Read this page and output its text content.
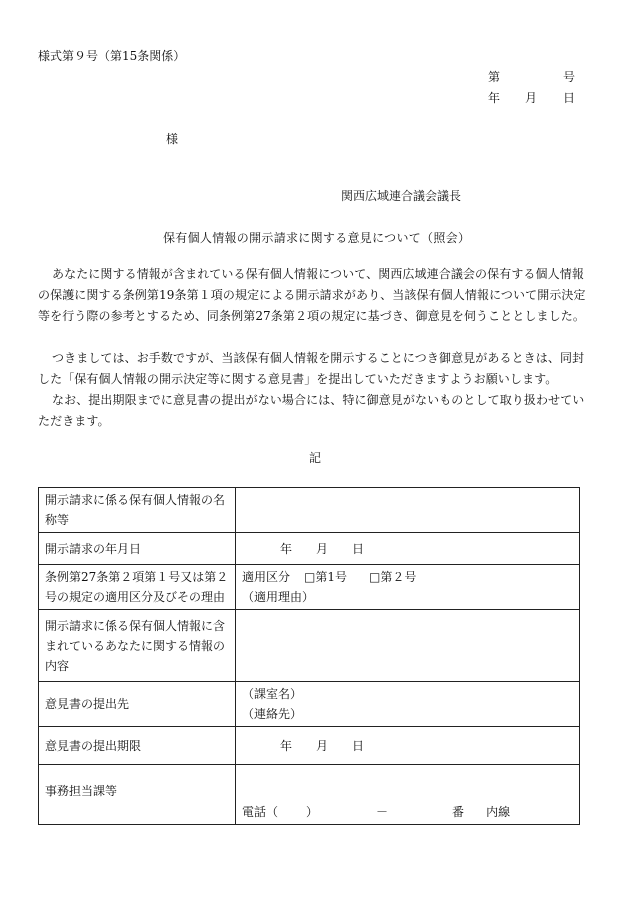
様式第９号（第15条関係）
第	号
年 月 日
様
関西広域連合議会議長
保有個人情報の開示請求に関する意見について（照会）
あなたに関する情報が含まれている保有個人情報について、関西広域連合議会の保有する個人情報の保護に関する条例第19条第１項の規定による開示請求があり、当該保有個人情報について開示決定等を行う際の参考とするため、同条例第27条第２項の規定に基づき、御意見を伺うこととしました。
つきましては、お手数ですが、当該保有個人情報を開示することにつき御意見があるときは、同封した「保有個人情報の開示決定等に関する意見書」を提出していただきますようお願いします。
なお、提出期限までに意見書の提出がない場合には、特に御意見がないものとして取り扱わせていただきます。
記
開示請求に係る保有個人情報の名称等	
開示請求の年月日	年 月 日
条例第27条第２項第１号又は第２号の規定の適用区分及びその理由	適用区分 □第1号 □第２号
（適用理由）

開示請求に係る保有個人情報に含まれているあなたに関する情報の内容	
意見書の提出先	（課室名）
（連絡先）

意見書の提出期限	年 月 日
事務担当課等	電話（ ） － 番 内線
